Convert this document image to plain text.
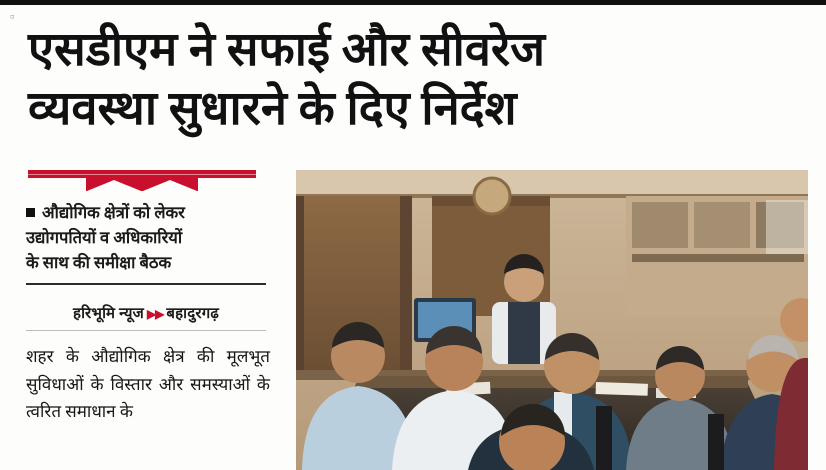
¤
एसडीएम ने सफाई और सीवरेज
व्यवस्था सुधारने के दिए निर्देश
औद्योगिक क्षेत्रों को लेकर
उद्योगपतियों व अधिकारियों
के साथ की समीक्षा बैठक
हरिभूमि न्यूज ▶▶ बहादुरगढ़
शहर के औद्योगिक क्षेत्र की मूलभूत सुविधाओं के विस्तार और समस्याओं के त्वरित समाधान के
